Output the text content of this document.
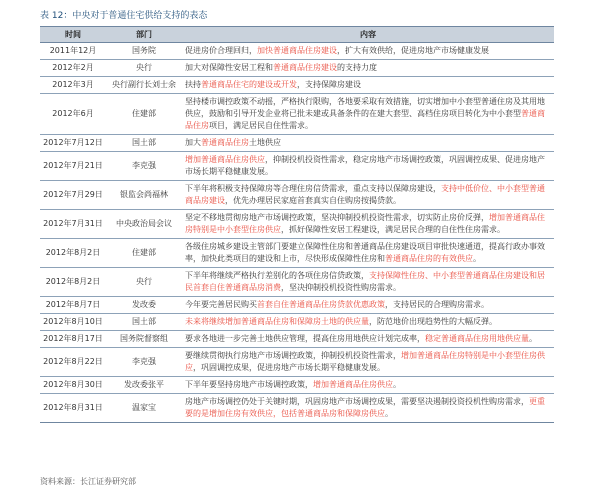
表 12：中央对于普通住宅供给支持的表态
时间	部门	内容
2011年12月	国务院	促进房价合理回归，加快普通商品住房建设，扩大有效供给，促进房地产市场健康发展
2012年2月	央行	加大对保障性安居工程和普通商品住房建设的支持力度
2012年3月	央行副行长刘士余	扶持普通商品住宅的建设或开发，支持保障房建设
2012年6月	住建部	坚持楼市调控政策不动摇，严格执行限购，各地要采取有效措施，切实增加中小套型普通住房及其用地供应，鼓励和引导开发企业将已批未建或具备条件的在建大套型、高档住房项目转化为中小套型普通商品住房项目，满足居民自住性需求。
2012年7月12日	国土部	加大普通商品住房土地供应
2012年7月21日	李克强	增加普通商品住房供应，抑制投机投资性需求，稳定房地产市场调控政策，巩固调控成果、促进房地产市场长期平稳健康发展。
2012年7月29日	银监会尚福林	下半年将积极支持保障房等合理住房信贷需求，重点支持以保障房建设，支持中低价位、中小套型普通商品房建设，优先办理居民家庭首套真实自住购房按揭贷款。
2012年7月31日	中央政治局会议	坚定不移地贯彻房地产市场调控政策，坚决抑制投机投资性需求，切实防止房价反弹，增加普通商品住房特别是中小套型住房供应，抓好保障性安居工程建设，满足居民合理的自住性住房需求。
2012年8月2日	住建部	各级住房城乡建设主管部门要建立保障性住房和普通商品住房建设项目审批快速通道，提高行政办事效率，加快此类项目的建设和上市，尽快形成保障性住房和普通商品住房的有效供应。
2012年8月2日	央行	下半年将继续严格执行差别化的各项住房信贷政策，支持保障性住房、中小套型普通商品住房建设和居民首套自住普通商品房消费，坚决抑制投机投资性购房需求。
2012年8月7日	发改委	今年要完善居民购买首套自住普通商品住房贷款优惠政策，支持居民的合理购房需求。
2012年8月10日	国土部	未来将继续增加普通商品住房和保障房土地的供应量，防范地价出现趋势性的大幅反弹。
2012年8月17日	国务院督察组	要求各地进一步完善土地供应管理，提高住房用地供应计划完成率，稳定普通商品住房用地供应量。
2012年8月22日	李克强	要继续贯彻执行房地产市场调控政策，抑制投机投资性需求，增加普通商品住房特别是中小套型住房供应，巩固调控成果，促进房地产市场长期平稳健康发展。
2012年8月30日	发改委张平	下半年要坚持房地产市场调控政策，增加普通商品住房供应。
2012年8月31日	温家宝	房地产市场调控仍处于关键时期，巩固房地产市场调控成果，需要坚决遏制投资投机性购房需求，更重要的是增加住房有效供应，包括普通商品房和保障房供应。
资料来源：长江证券研究部
